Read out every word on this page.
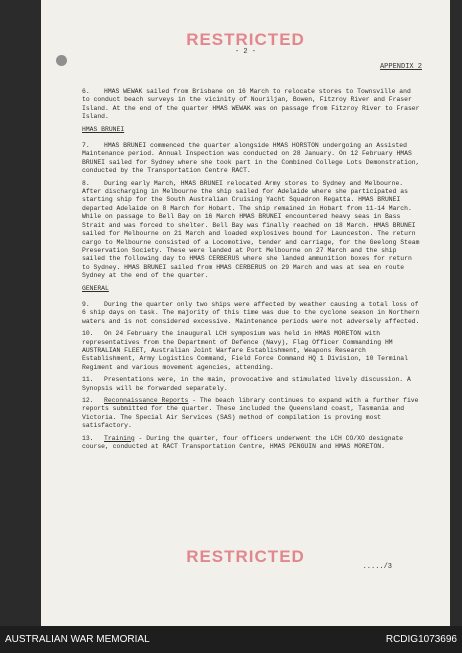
RESTRICTED
- 2 -
APPENDIX 2

6. HMAS WEWAK sailed from Brisbane on 16 March to relocate stores to Townsville and to conduct beach surveys in the vicinity of Nouriljan, Bowen, Fitzroy River and Fraser Island. At the end of the quarter HMAS WEWAK was on passage from Fitzroy River to Fraser Island.

HMAS BRUNEI

7. HMAS BRUNEI commenced the quarter alongside HMAS HORSTON undergoing an Assisted Maintenance period. Annual Inspection was conducted on 28 January. On 12 February HMAS BRUNEI sailed for Sydney where she took part in the Combined College Lots Demonstration, conducted by the Transportation Centre RACT.

8. During early March, HMAS BRUNEI relocated Army stores to Sydney and Melbourne. After discharging in Melbourne the ship sailed for Adelaide where she participated as starting ship for the South Australian Cruising Yacht Squadron Regatta. HMAS BRUNEI departed Adelaide on 8 March for Hobart. The ship remained in Hobart from 11-14 March. While on passage to Bell Bay on 16 March HMAS BRUNEI encountered heavy seas in Bass Strait and was forced to shelter. Bell Bay was finally reached on 18 March. HMAS BRUNEI sailed for Melbourne on 21 March and loaded explosives bound for Launceston. The return cargo to Melbourne consisted of a Locomotive, tender and carriage, for the Geelong Steam Preservation Society. These were landed at Port Melbourne on 27 March and the ship sailed the following day to HMAS CERBERUS where she landed ammunition boxes for return to Sydney. HMAS BRUNEI sailed from HMAS CERBERUS on 29 March and was at sea en route Sydney at the end of the quarter.

GENERAL

9. During the quarter only two ships were affected by weather causing a total loss of 6 ship days on task. The majority of this time was due to the cyclone season in Northern waters and is not considered excessive. Maintenance periods were not adversely affected.

10. On 24 February the inaugural LCH symposium was held in HMAS MORETON with representatives from the Department of Defence (Navy), Flag Officer Commanding HM AUSTRALIAN FLEET, Australian Joint Warfare Establishment, Weapons Research Establishment, Army Logistics Command, Field Force Command HQ 1 Division, 10 Terminal Regiment and various movement agencies, attending.

11. Presentations were, in the main, provocative and stimulated lively discussion. A Synopsis will be forwarded separately.

12. Reconnaissance Reports - The beach library continues to expand with a further five reports submitted for the quarter. These included the Queensland coast, Tasmania and Victoria. The Special Air Services (SAS) method of compilation is proving most satisfactory.

13. Training - During the quarter, four officers underwent the LCH CO/XO designate course, conducted at RACT Transportation Centre, HMAS PENGUIN and HMAS MORETON.

...../3
RESTRICTED
AUSTRALIAN WAR MEMORIAL	RCDIG1073696
